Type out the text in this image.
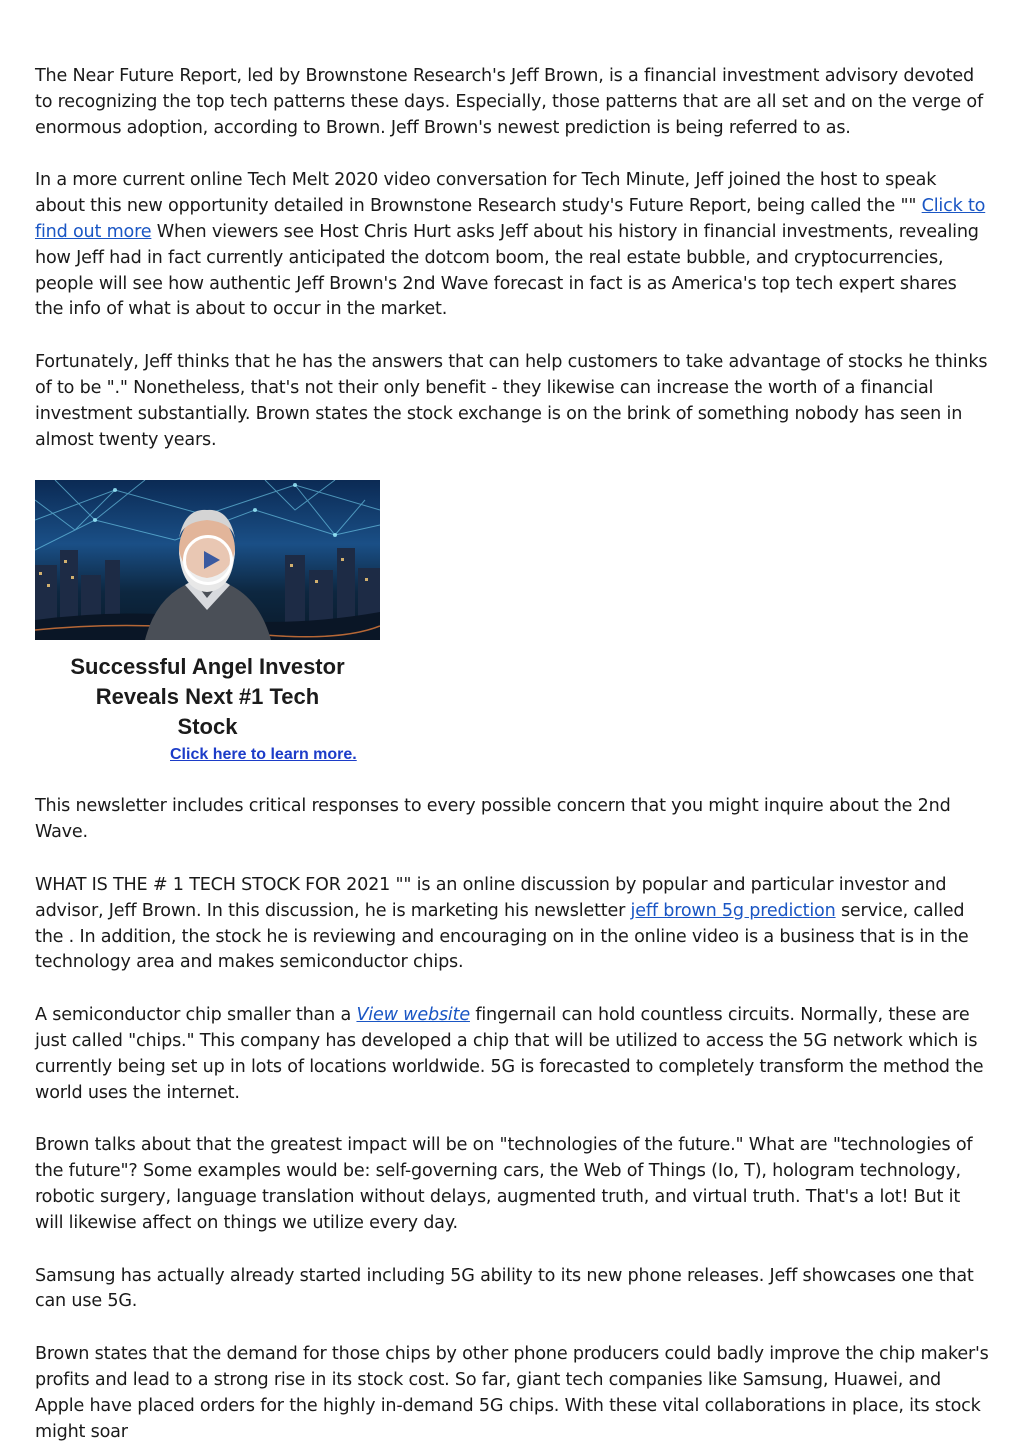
The Near Future Report, led by Brownstone Research's Jeff Brown, is a financial investment advisory devoted to recognizing the top tech patterns these days. Especially, those patterns that are all set and on the verge of enormous adoption, according to Brown. Jeff Brown's newest prediction is being referred to as.

In a more current online Tech Melt 2020 video conversation for Tech Minute, Jeff joined the host to speak about this new opportunity detailed in Brownstone Research study's Future Report, being called the "" Click to find out more When viewers see Host Chris Hurt asks Jeff about his history in financial investments, revealing how Jeff had in fact currently anticipated the dotcom boom, the real estate bubble, and cryptocurrencies, people will see how authentic Jeff Brown's 2nd Wave forecast in fact is as America's top tech expert shares the info of what is about to occur in the market.

Fortunately, Jeff thinks that he has the answers that can help customers to take advantage of stocks he thinks of to be "." Nonetheless, that's not their only benefit - they likewise can increase the worth of a financial investment substantially. Brown states the stock exchange is on the brink of something nobody has seen in almost twenty years.

Successful Angel Investor
Reveals Next #1 Tech
Stock
Click here to learn more.

This newsletter includes critical responses to every possible concern that you might inquire about the 2nd Wave.

WHAT IS THE # 1 TECH STOCK FOR 2021 "" is an online discussion by popular and particular investor and advisor, Jeff Brown. In this discussion, he is marketing his newsletter jeff brown 5g prediction service, called the . In addition, the stock he is reviewing and encouraging on in the online video is a business that is in the technology area and makes semiconductor chips.

A semiconductor chip smaller than a View website fingernail can hold countless circuits. Normally, these are just called "chips." This company has developed a chip that will be utilized to access the 5G network which is currently being set up in lots of locations worldwide. 5G is forecasted to completely transform the method the world uses the internet.

Brown talks about that the greatest impact will be on "technologies of the future." What are "technologies of the future"? Some examples would be: self-governing cars, the Web of Things (Io, T), hologram technology, robotic surgery, language translation without delays, augmented truth, and virtual truth. That's a lot! But it will likewise affect on things we utilize every day.

Samsung has actually already started including 5G ability to its new phone releases. Jeff showcases one that can use 5G.

Brown states that the demand for those chips by other phone producers could badly improve the chip maker's profits and lead to a strong rise in its stock cost. So far, giant tech companies like Samsung, Huawei, and Apple have placed orders for the highly in-demand 5G chips. With these vital collaborations in place, its stock might soar
